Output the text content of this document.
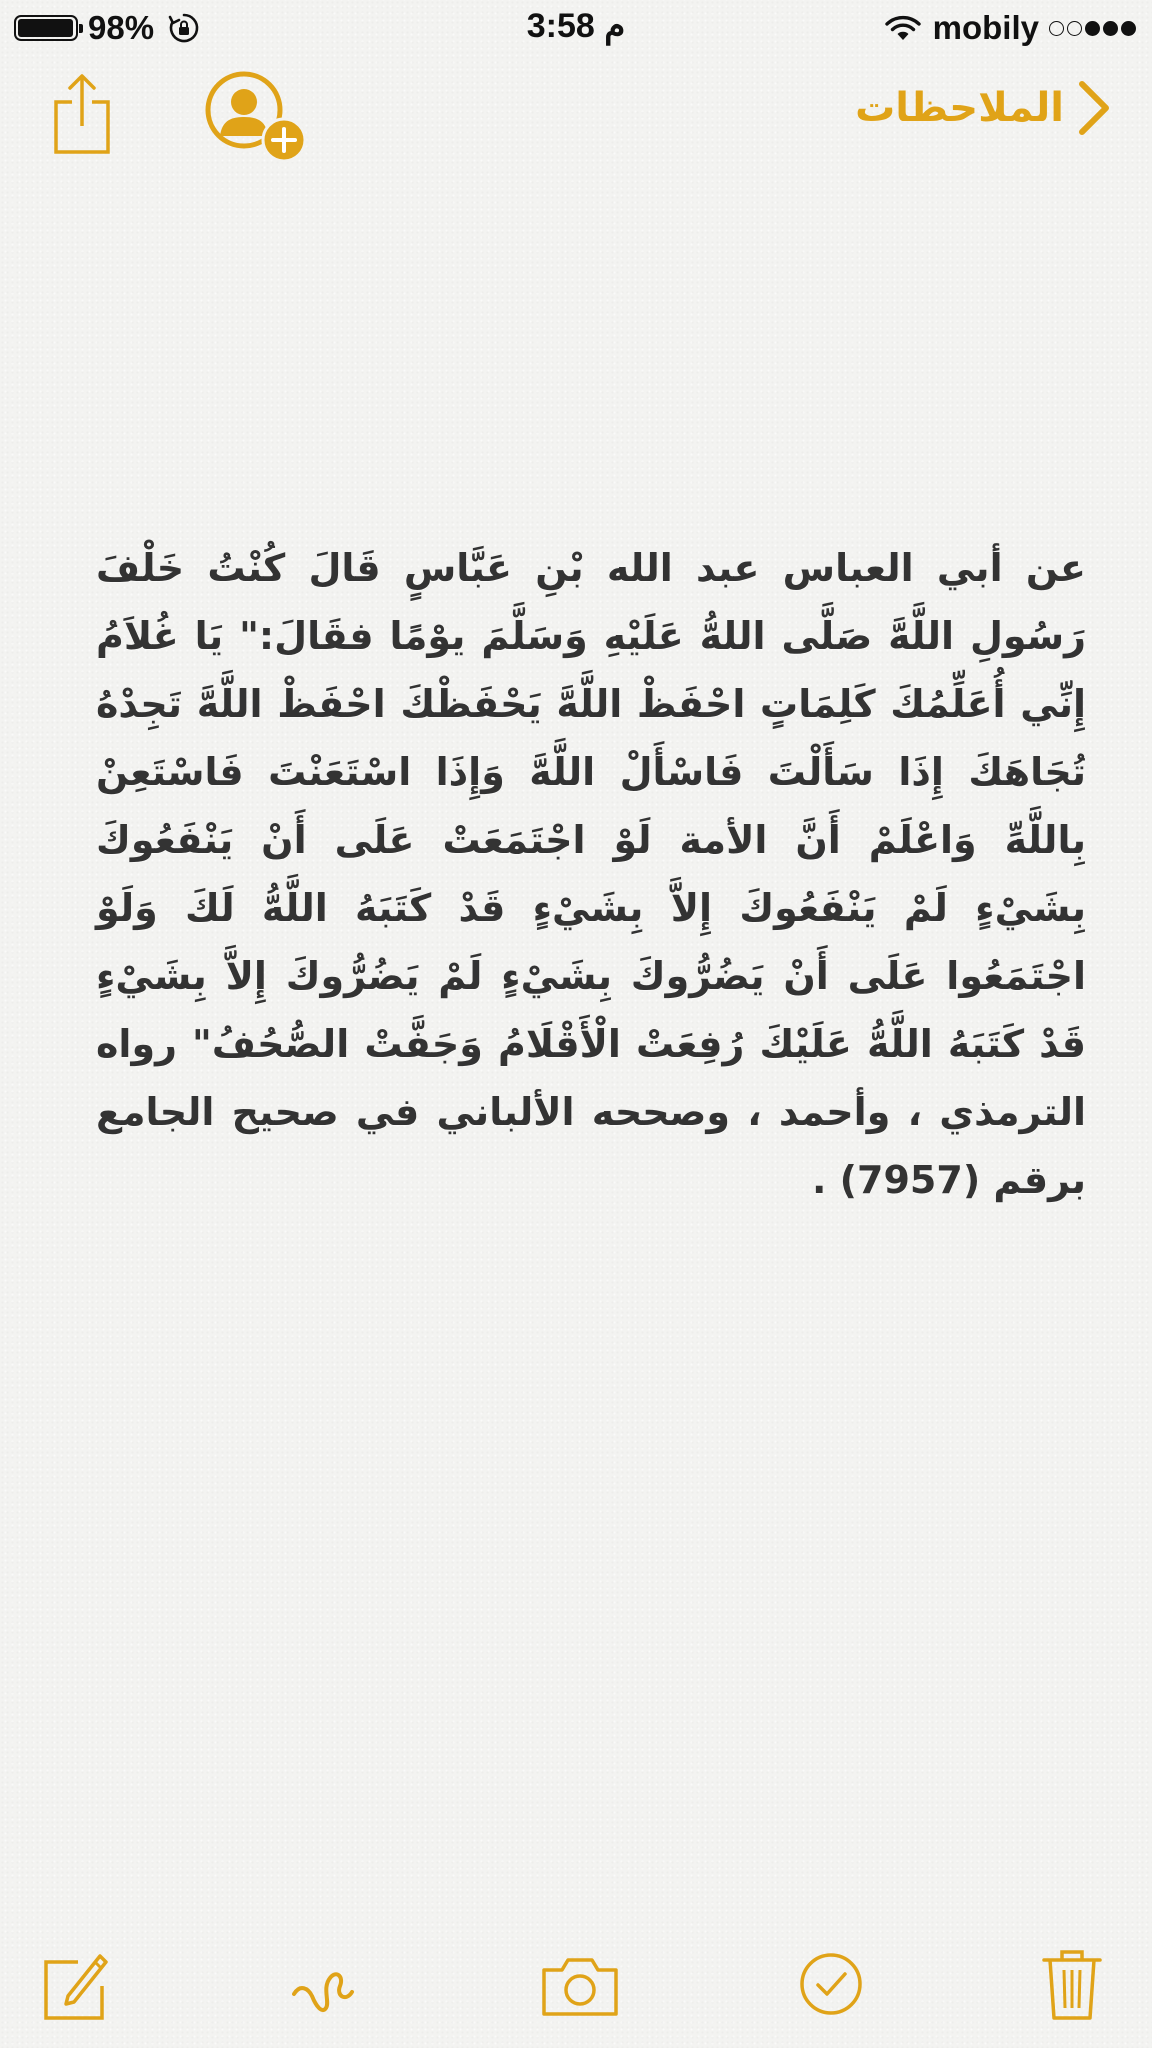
98%	3:58 م	mobily
الملاحظات
عن أبي العباس عبد الله بْنِ عَبَّاسٍ قَالَ كُنْتُ خَلْفَ رَسُولِ اللَّهَّ صَلَّى اللهُّ عَلَيْهِ وَسَلَّمَ يوْمًا فقَالَ:" يَا غُلاَمُ إِنِّي أُعَلِّمُكَ كَلِمَاتٍ احْفَظْ اللَّهَّ يَحْفَظْكَ احْفَظْ اللَّهَّ تَجِدْهُ تُجَاهَكَ إِذَا سَأَلْتَ فَاسْأَلْ اللَّهَّ وَإِذَا اسْتَعَنْتَ فَاسْتَعِنْ بِاللَّهِّ وَاعْلَمْ أَنَّ الأمة لَوْ اجْتَمَعَتْ عَلَى أَنْ يَنْفَعُوكَ بِشَيْءٍ لَمْ يَنْفَعُوكَ إِلاَّ بِشَيْءٍ قَدْ كَتَبَهُ اللَّهُّ لَكَ وَلَوْ اجْتَمَعُوا عَلَى أَنْ يَضُرُّوكَ بِشَيْءٍ لَمْ يَضُرُّوكَ إِلاَّ بِشَيْءٍ قَدْ كَتَبَهُ اللَّهُّ عَلَيْكَ رُفِعَتْ الْأَقْلَامُ وَجَفَّتْ الصُّحُفُ" رواه الترمذي ، وأحمد ، وصححه الألباني في صحيح الجامع برقم (7957) .
